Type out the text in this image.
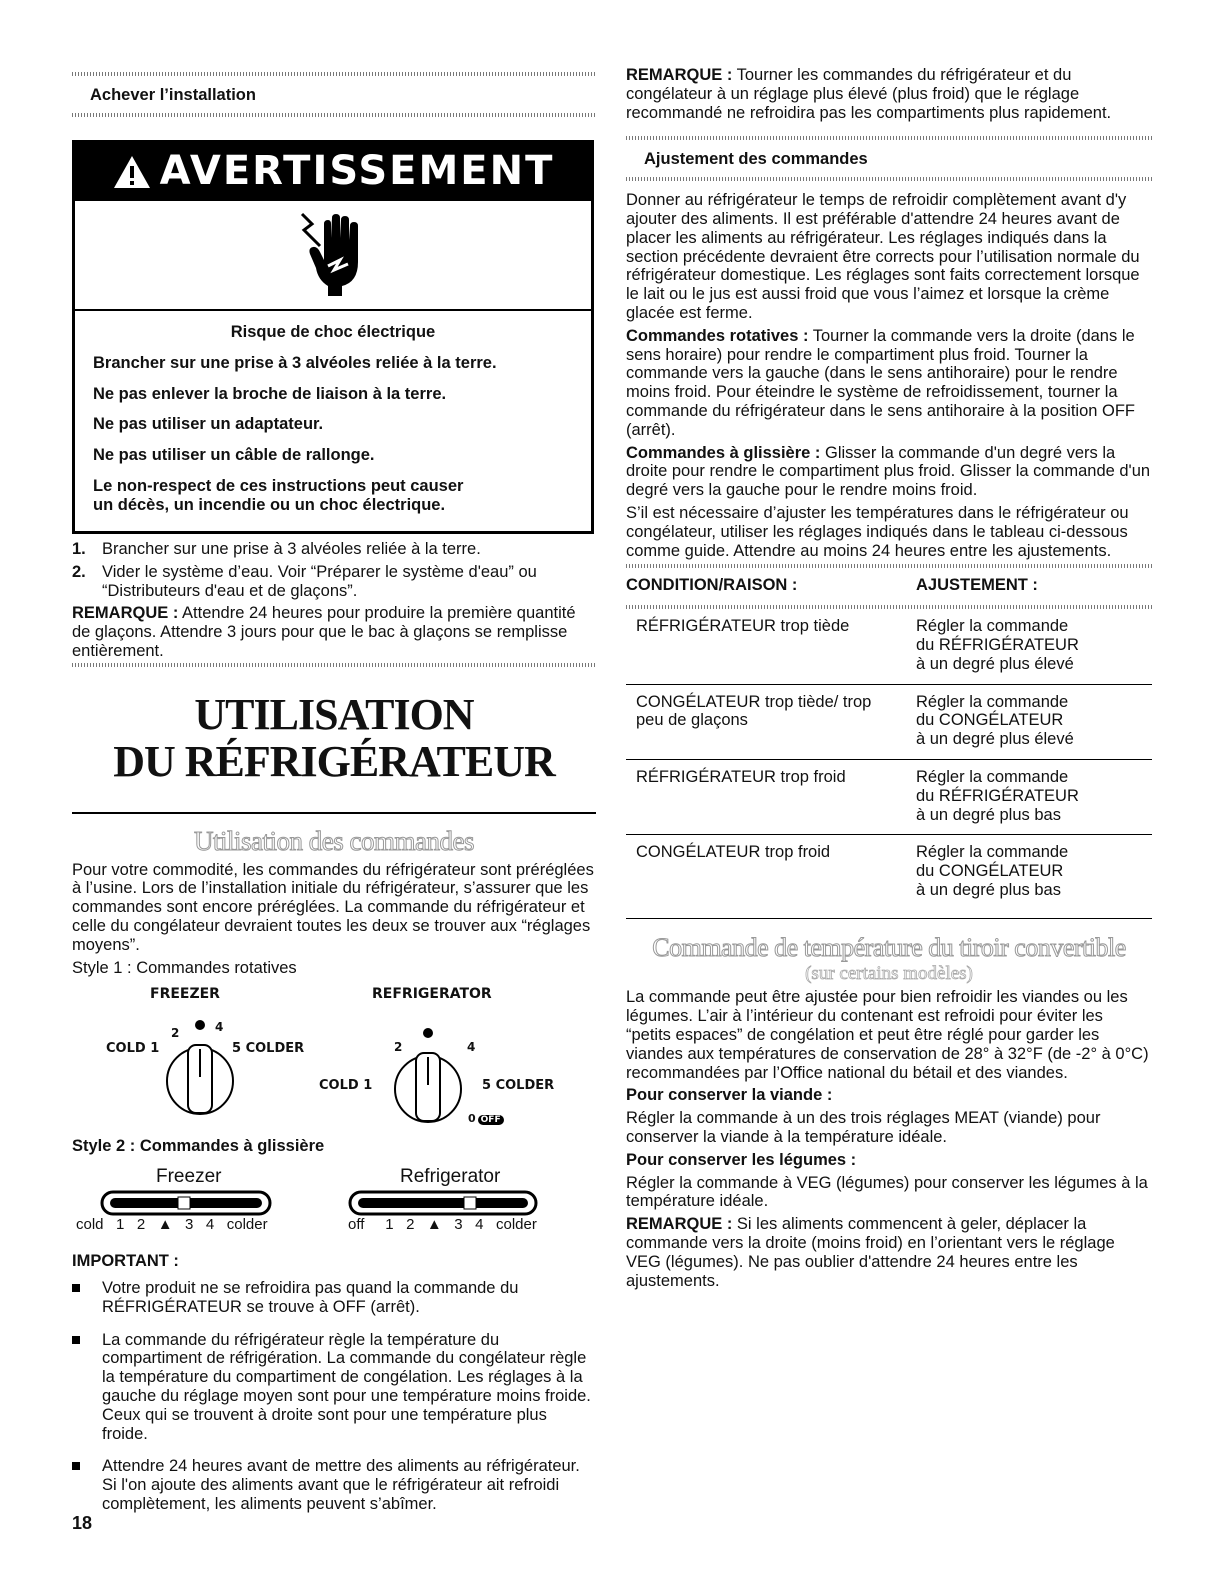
Achever l’installation
AVERTISSEMENT
Risque de choc électrique
Brancher sur une prise à 3 alvéoles reliée à la terre.
Ne pas enlever la broche de liaison à la terre.
Ne pas utiliser un adaptateur.
Ne pas utiliser un câble de rallonge.
Le non-respect de ces instructions peut causer
un décès, un incendie ou un choc électrique.
1. Brancher sur une prise à 3 alvéoles reliée à la terre.
2. Vider le système d’eau. Voir “Préparer le système d'eau” ou “Distributeurs d'eau et de glaçons”.

REMARQUE : Attendre 24 heures pour produire la première quantité de glaçons. Attendre 3 jours pour que le bac à glaçons se remplisse entièrement.

UTILISATION
DU RÉFRIGÉRATEUR
Utilisation des commandes

Pour votre commodité, les commandes du réfrigérateur sont préréglées à l’usine. Lors de l’installation initiale du réfrigérateur, s’assurer que les commandes sont encore préréglées. La commande du réfrigérateur et celle du congélateur devraient toutes les deux se trouver aux “réglages moyens”.

Style 1 : Commandes rotatives

FREEZER	REFRIGERATOR
COLD 1
2	4
5 COLDER
COLD 1
2	4
5 COLDER
0 OFF

Style 2 : Commandes à glissière

Freezer	Refrigerator
cold   1   2   ▲   3   4   colder	off     1   2   ▲   3   4   colder

IMPORTANT :

Votre produit ne se refroidira pas quand la commande du RÉFRIGÉRATEUR se trouve à OFF (arrêt).
La commande du réfrigérateur règle la température du compartiment de réfrigération. La commande du congélateur règle la température du compartiment de congélation. Les réglages à la gauche du réglage moyen sont pour une température moins froide. Ceux qui se trouvent à droite sont pour une température plus froide.
Attendre 24 heures avant de mettre des aliments au réfrigérateur. Si l'on ajoute des aliments avant que le réfrigérateur ait refroidi complètement, les aliments peuvent s’abîmer.
18

REMARQUE : Tourner les commandes du réfrigérateur et du congélateur à un réglage plus élevé (plus froid) que le réglage recommandé ne refroidira pas les compartiments plus rapidement.

Ajustement des commandes

Donner au réfrigérateur le temps de refroidir complètement avant d'y ajouter des aliments. Il est préférable d'attendre 24 heures avant de placer les aliments au réfrigérateur. Les réglages indiqués dans la section précédente devraient être corrects pour l’utilisation normale du réfrigérateur domestique. Les réglages sont faits correctement lorsque le lait ou le jus est aussi froid que vous l’aimez et lorsque la crème glacée est ferme.

Commandes rotatives : Tourner la commande vers la droite (dans le sens horaire) pour rendre le compartiment plus froid. Tourner la commande vers la gauche (dans le sens antihoraire) pour le rendre moins froid. Pour éteindre le système de refroidissement, tourner la commande du réfrigérateur dans le sens antihoraire à la position OFF (arrêt).

Commandes à glissière : Glisser la commande d'un degré vers la droite pour rendre le compartiment plus froid. Glisser la commande d'un degré vers la gauche pour le rendre moins froid.

S’il est nécessaire d’ajuster les températures dans le réfrigérateur ou congélateur, utiliser les réglages indiqués dans le tableau ci-dessous comme guide. Attendre au moins 24 heures entre les ajustements.

CONDITION/RAISON :	AJUSTEMENT :

RÉFRIGÉRATEUR trop tiède	Régler la commande
du RÉFRIGÉRATEUR
à un degré plus élevé

CONGÉLATEUR trop tiède/ trop peu de glaçons	Régler la commande
du CONGÉLATEUR
à un degré plus élevé

RÉFRIGÉRATEUR trop froid	Régler la commande
du RÉFRIGÉRATEUR
à un degré plus bas

CONGÉLATEUR trop froid	Régler la commande
du CONGÉLATEUR
à un degré plus bas
Commande de température du tiroir convertible
(sur certains modèles)

La commande peut être ajustée pour bien refroidir les viandes ou les légumes. L’air à l’intérieur du contenant est refroidi pour éviter les “petits espaces” de congélation et peut être réglé pour garder les viandes aux températures de conservation de 28° à 32°F (de -2° à 0°C) recommandées par l’Office national du bétail et des viandes.

Pour conserver la viande :

Régler la commande à un des trois réglages MEAT (viande) pour conserver la viande à la température idéale.

Pour conserver les légumes :

Régler la commande à VEG (légumes) pour conserver les légumes à la température idéale.

REMARQUE : Si les aliments commencent à geler, déplacer la commande vers la droite (moins froid) en l’orientant vers le réglage VEG (légumes). Ne pas oublier d'attendre 24 heures entre les ajustements.
